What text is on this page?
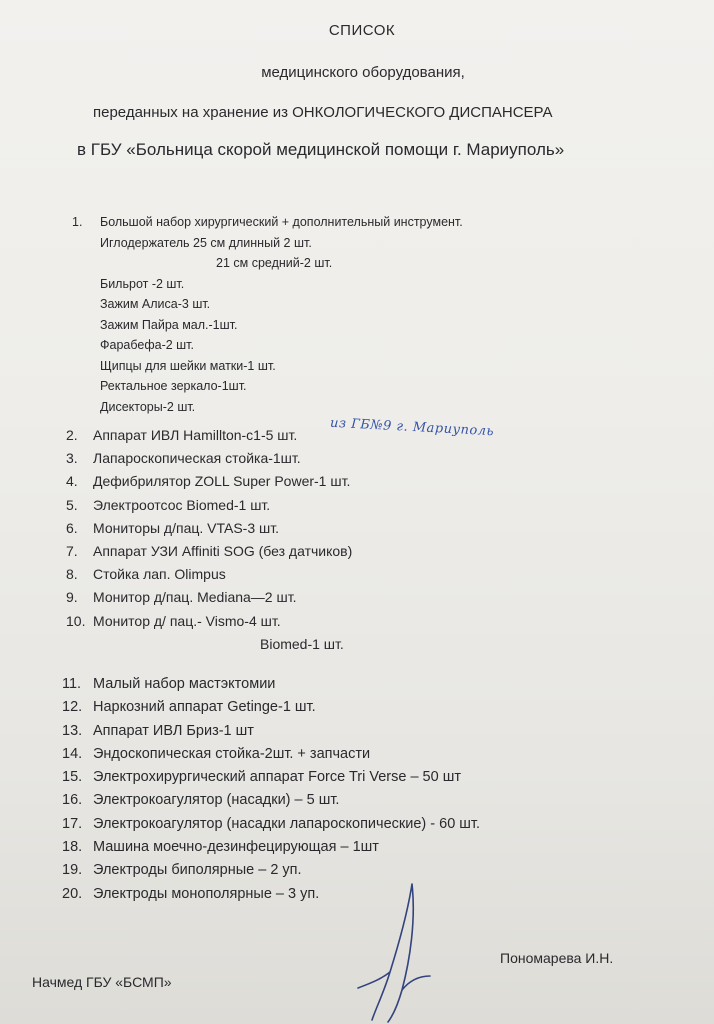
СПИСОК
медицинского оборудования,
переданных на хранение из ОНКОЛОГИЧЕСКОГО ДИСПАНСЕРА
в ГБУ «Больница скорой медицинской помощи г. Мариуполь»
1. Большой набор хирургический + дополнительный инструмент.
Иглодержатель 25 см длинный 2 шт.
21 см средний-2 шт.
Бильрот -2 шт.
Зажим Алиса-3 шт.
Зажим Пайра мал.-1шт.
Фарабефа-2 шт.
Щипцы для шейки матки-1 шт.
Ректальное зеркало-1шт.
Дисекторы-2 шт.
2. Аппарат ИВЛ Hamillton-c1-5 шт.
3. Лапароскопическая стойка-1шт.
4. Дефибрилятор ZOLL Super Power-1 шт.
5. Электроотсос Biomed-1 шт.
6. Мониторы д/пац. VTAS-3 шт.
7. Аппарат УЗИ Affiniti SOG (без датчиков)
8. Стойка лап. Olimpus
9. Монитор д/пац. Mediana—2 шт.
10. Монитор д/ пац.- Vismo-4 шт.
из ГБ№9 г. Мариуполь
Biomed-1 шт.
11. Малый набор мастэктомии
12. Наркозний аппарат Getinge-1 шт.
13. Аппарат ИВЛ Бриз-1 шт
14. Эндоскопическая стойка-2шт. + запчасти
15. Электрохирургический аппарат Force Tri Verse – 50 шт
16. Электрокоагулятор (насадки) – 5 шт.
17. Электрокоагулятор (насадки лапароскопические) - 60 шт.
18. Машина моечно-дезинфецирующая – 1шт
19. Электроды биполярные – 2 уп.
20. Электроды монополярные – 3 уп.
Начмед ГБУ «БСМП»
Пономарева И.Н.
